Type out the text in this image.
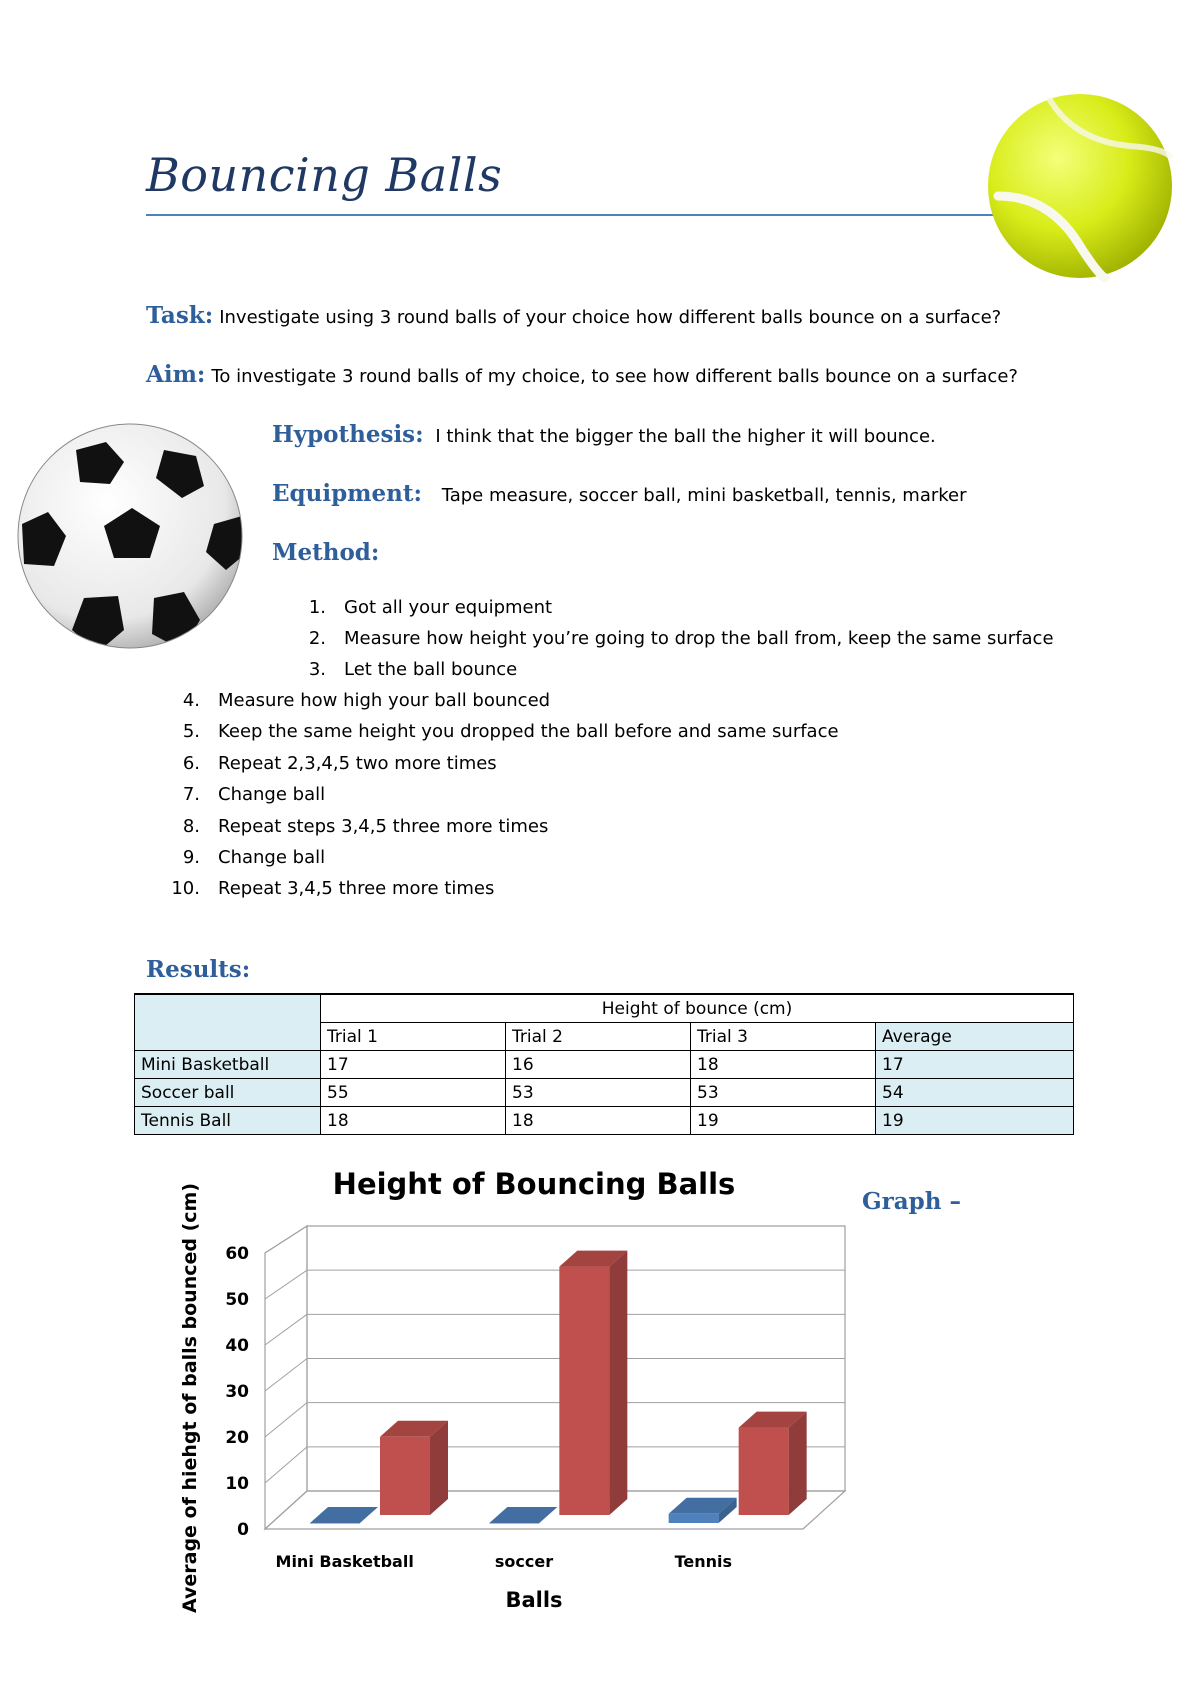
Bouncing Balls
Task: Investigate using 3 round balls of your choice how different balls bounce on a surface?
Aim: To investigate 3 round balls of my choice, to see how different balls bounce on a surface?
Hypothesis: I think that the bigger the ball the higher it will bounce.
Equipment: Tape measure, soccer ball, mini basketball, tennis, marker
Method:
1. Got all your equipment
2. Measure how height you’re going to drop the ball from, keep the same surface
3. Let the ball bounce
4. Measure how high your ball bounced
5. Keep the same height you dropped the ball before and same surface
6. Repeat 2,3,4,5 two more times
7. Change ball
8. Repeat steps 3,4,5 three more times
9. Change ball
10. Repeat 3,4,5 three more times
Results:
	Height of bounce (cm)			
	Trial 1	Trial 2	Trial 3	Average
Mini Basketball	17	16	18	17
Soccer ball	55	53	53	54
Tennis Ball	18	18	19	19
Graph –
Height of Bouncing Balls
Average of hiehgt of balls bounced (cm)	Balls
0
10
20
30
40
50
60
Mini Basketball	soccer	Tennis
